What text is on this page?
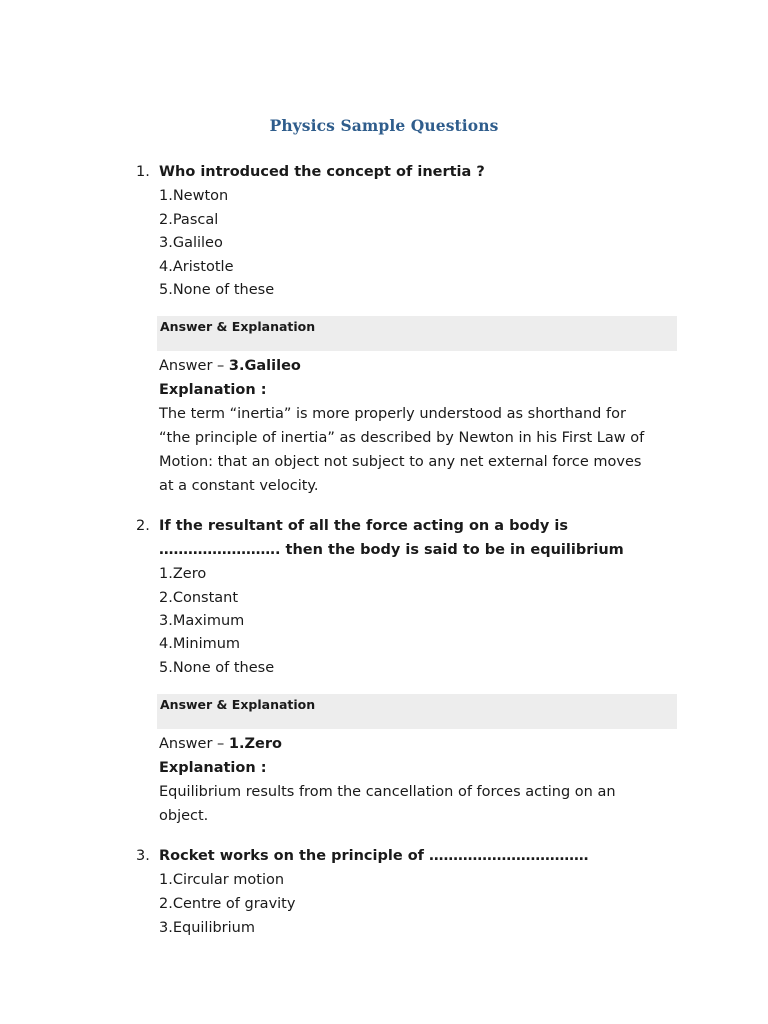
Physics Sample Questions
1. Who introduced the concept of inertia ?
1.Newton
2.Pascal
3.Galileo
4.Aristotle
5.None of these
Answer & Explanation
Answer – 3.Galileo
Explanation :
The term “inertia” is more properly understood as shorthand for
“the principle of inertia” as described by Newton in his First Law of
Motion: that an object not subject to any net external force moves
at a constant velocity.
2. If the resultant of all the force acting on a body is
……………………. then the body is said to be in equilibrium
1.Zero
2.Constant
3.Maximum
4.Minimum
5.None of these
Answer & Explanation
Answer – 1.Zero
Explanation :
Equilibrium results from the cancellation of forces acting on an
object.
3. Rocket works on the principle of ……………………………
1.Circular motion
2.Centre of gravity
3.Equilibrium
